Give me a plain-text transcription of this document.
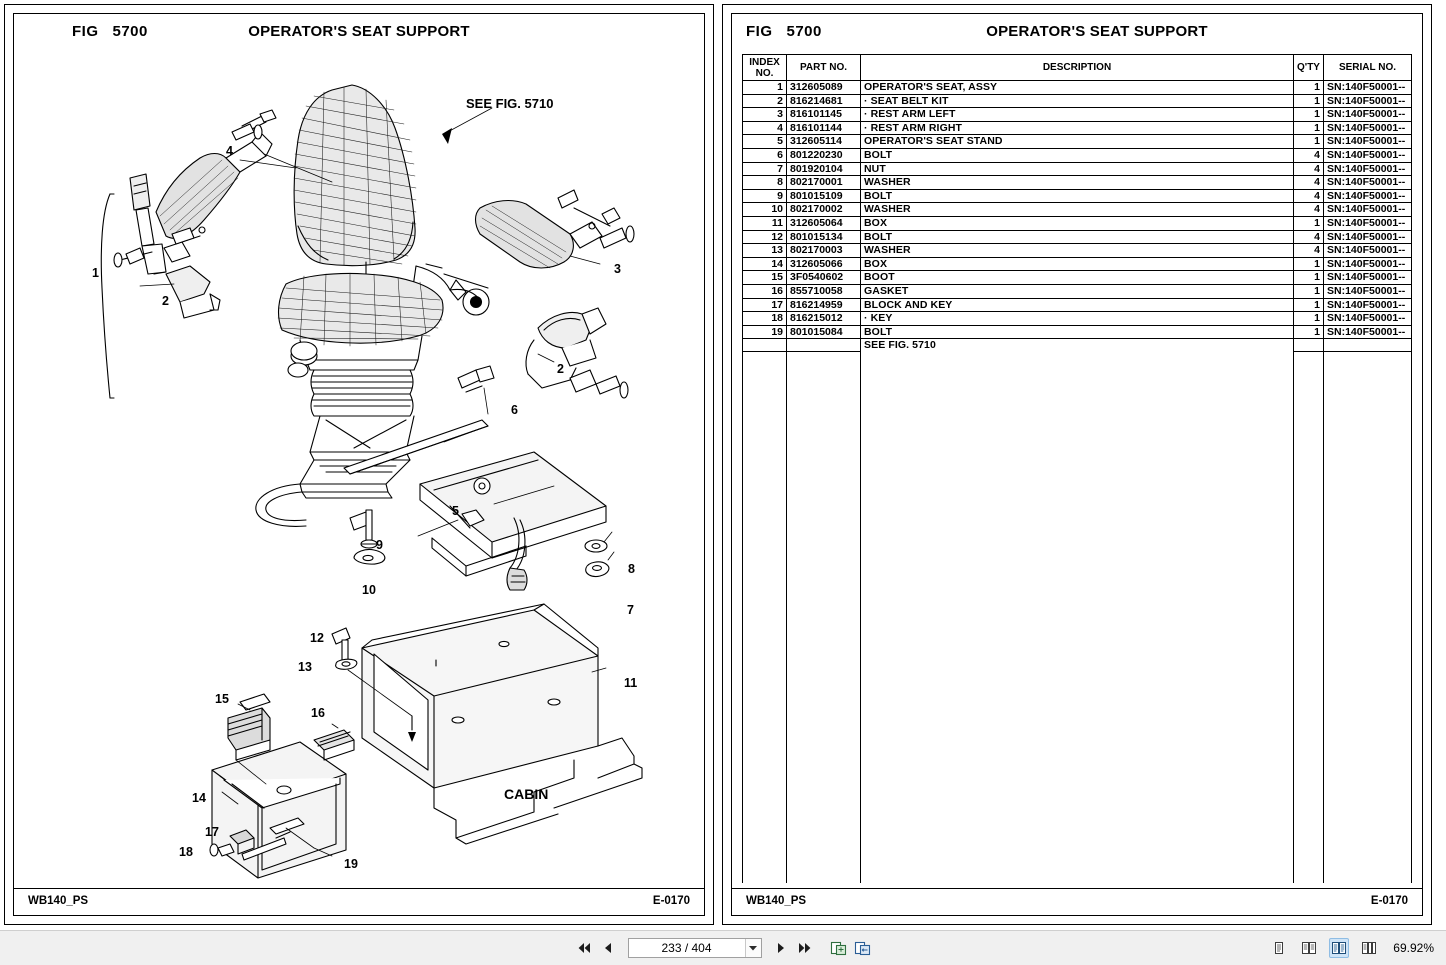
FIG   5700	OPERATOR'S SEAT SUPPORT
SEE FIG. 5710
CABIN
4
1
2
3
2
6
5
9
10
8
7
12
13
11
15
16
14
17
18
19
WB140_PS	E-0170
FIG   5700	OPERATOR'S SEAT SUPPORT
INDEX NO.	PART NO.	DESCRIPTION	Q'TY	SERIAL NO.
1	312605089	OPERATOR'S SEAT, ASSY	1	SN:140F50001--
2	816214681	· SEAT BELT KIT	1	SN:140F50001--
3	816101145	· REST ARM LEFT	1	SN:140F50001--
4	816101144	· REST ARM RIGHT	1	SN:140F50001--
5	312605114	OPERATOR'S SEAT STAND	1	SN:140F50001--
6	801220230	BOLT	4	SN:140F50001--
7	801920104	NUT	4	SN:140F50001--
8	802170001	WASHER	4	SN:140F50001--
9	801015109	BOLT	4	SN:140F50001--
10	802170002	WASHER	4	SN:140F50001--
11	312605064	BOX	1	SN:140F50001--
12	801015134	BOLT	4	SN:140F50001--
13	802170003	WASHER	4	SN:140F50001--
14	312605066	BOX	1	SN:140F50001--
15	3F0540602	BOOT	1	SN:140F50001--
16	855710058	GASKET	1	SN:140F50001--
17	816214959	BLOCK AND KEY	1	SN:140F50001--
18	816215012	· KEY	1	SN:140F50001--
19	801015084	BOLT	1	SN:140F50001--
		SEE FIG. 5710		

WB140_PS	E-0170
233 / 404
69.92%
